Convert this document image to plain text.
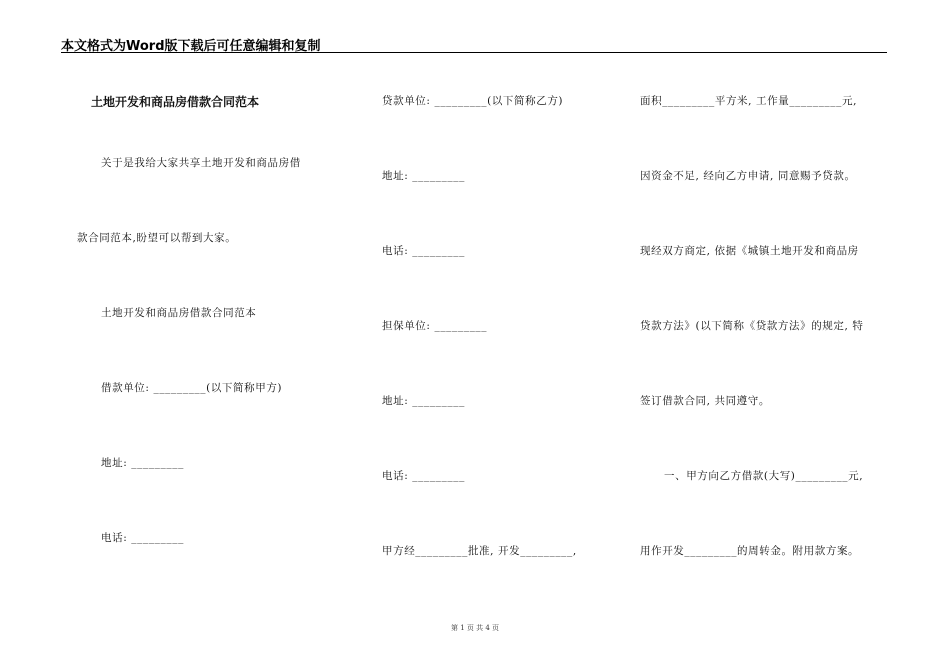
本文格式为Word版下载后可任意编辑和复制
土地开发和商品房借款合同范本
关于是我给大家共享土地开发和商品房借
款合同范本,盼望可以帮到大家。
土地开发和商品房借款合同范本
借款单位: _________(以下简称甲方)
地址: _________
电话: _________
贷款单位: _________(以下简称乙方)
地址: _________
电话: _________
担保单位: _________
地址: _________
电话: _________
甲方经_________批准, 开发_________,
面积_________平方米, 工作量_________元,
因资金不足, 经向乙方申请, 同意赐予贷款。
现经双方商定, 依据《城镇土地开发和商品房
贷款方法》(以下简称《贷款方法》的规定, 特
签订借款合同, 共同遵守。
一、甲方向乙方借款(大写)_________元,
用作开发_________的周转金。附用款方案。
第 1 页 共 4 页
